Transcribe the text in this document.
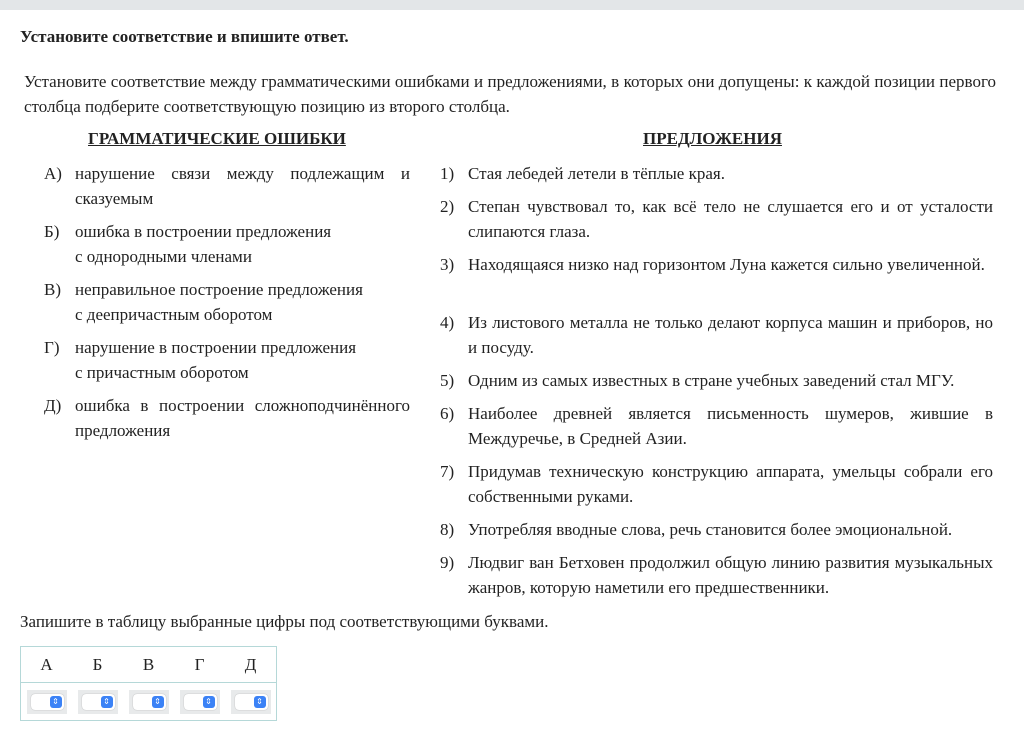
Установите соответствие и впишите ответ.
Установите соответствие между грамматическими ошибками и предложениями, в которых они допущены: к каждой позиции первого столбца подберите соответствующую позицию из второго столбца.
ГРАММАТИЧЕСКИЕ ОШИБКИ	ПРЕДЛОЖЕНИЯ
А) нарушение связи между подлежащим и сказуемым
Б) ошибка в построении предложения
с однородными членами
В) неправильное построение предложения
с деепричастным оборотом
Г) нарушение в построении предложения
с причастным оборотом
Д) ошибка в построении сложноподчинённого предложения
1) Стая лебедей летели в тёплые края.
2) Степан чувствовал то, как всё тело не слушается его и от усталости слипаются глаза.
3) Находящаяся низко над горизонтом Луна кажется сильно увеличенной.
4) Из листового металла не только делают корпуса машин и приборов, но и посуду.
5) Одним из самых известных в стране учебных заведений стал МГУ.
6) Наиболее древней является письменность шумеров, жившие в Междуречье, в Средней Азии.
7) Придумав техническую конструкцию аппарата, умельцы собрали его собственными руками.
8) Употребляя вводные слова, речь становится более эмоциональной.
9) Людвиг ван Бетховен продолжил общую линию развития музыкальных жанров, которую наметили его предшественники.
Запишите в таблицу выбранные цифры под соответствующими буквами.
А	Б	В	Г	Д

⇕	⇕	⇕	⇕	⇕
